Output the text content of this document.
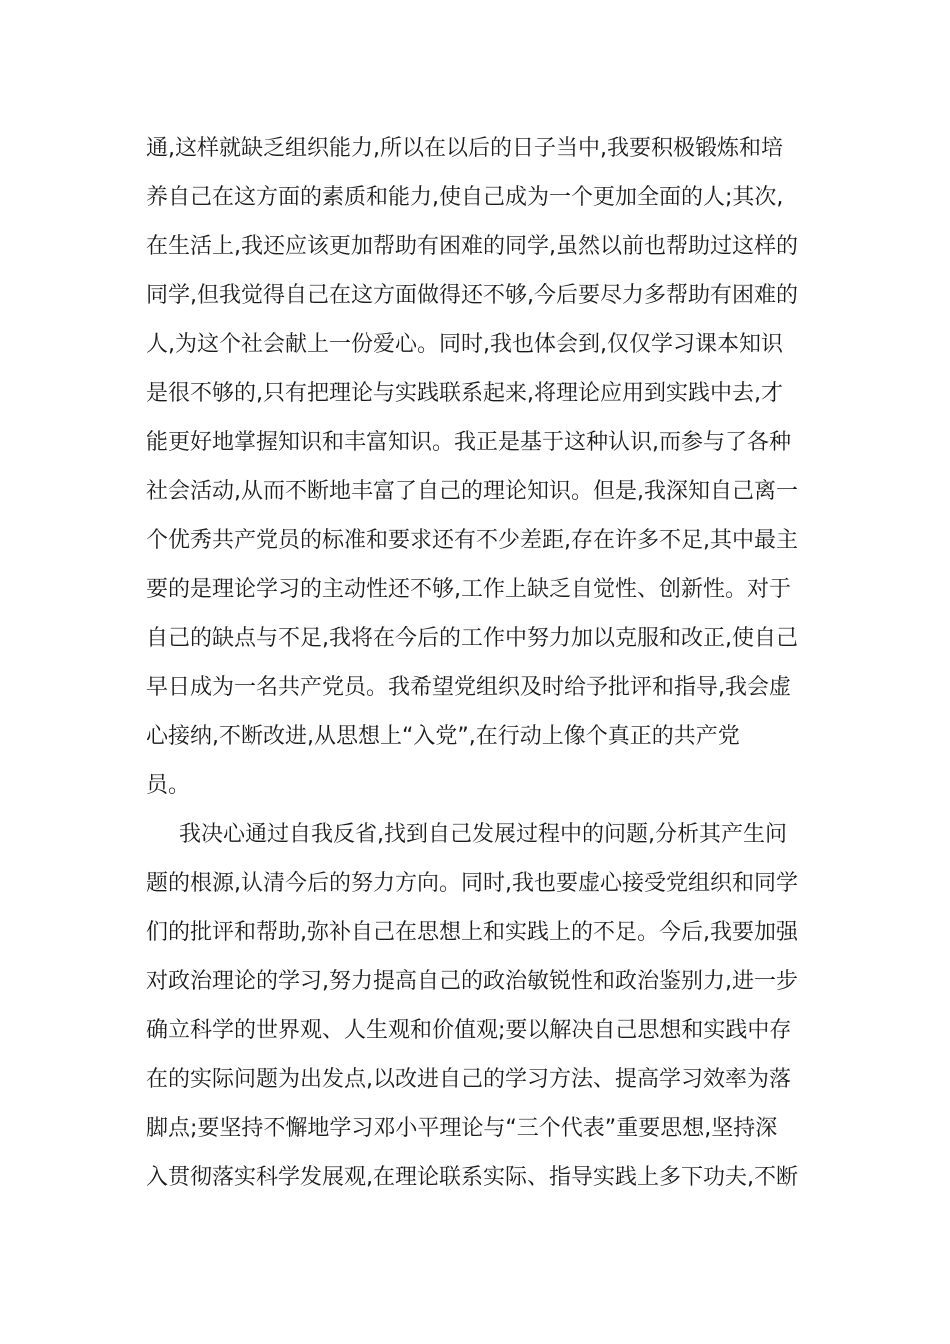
通,这样就缺乏组织能力,所以在以后的日子当中,我要积极锻炼和培
养自己在这方面的素质和能力,使自己成为一个更加全面的人;其次,
在生活上,我还应该更加帮助有困难的同学,虽然以前也帮助过这样的
同学,但我觉得自己在这方面做得还不够,今后要尽力多帮助有困难的
人,为这个社会献上一份爱心。同时,我也体会到,仅仅学习课本知识
是很不够的,只有把理论与实践联系起来,将理论应用到实践中去,才
能更好地掌握知识和丰富知识。我正是基于这种认识,而参与了各种
社会活动,从而不断地丰富了自己的理论知识。但是,我深知自己离一
个优秀共产党员的标准和要求还有不少差距,存在许多不足,其中最主
要的是理论学习的主动性还不够,工作上缺乏自觉性、创新性。对于
自己的缺点与不足,我将在今后的工作中努力加以克服和改正,使自己
早日成为一名共产党员。我希望党组织及时给予批评和指导,我会虚
心接纳,不断改进,从思想上“入党”,在行动上像个真正的共产党
员。
我决心通过自我反省,找到自己发展过程中的问题,分析其产生问
题的根源,认清今后的努力方向。同时,我也要虚心接受党组织和同学
们的批评和帮助,弥补自己在思想上和实践上的不足。今后,我要加强
对政治理论的学习,努力提高自己的政治敏锐性和政治鉴别力,进一步
确立科学的世界观、人生观和价值观;要以解决自己思想和实践中存
在的实际问题为出发点,以改进自己的学习方法、提高学习效率为落
脚点;要坚持不懈地学习邓小平理论与“三个代表”重要思想,坚持深
入贯彻落实科学发展观,在理论联系实际、指导实践上多下功夫,不断
